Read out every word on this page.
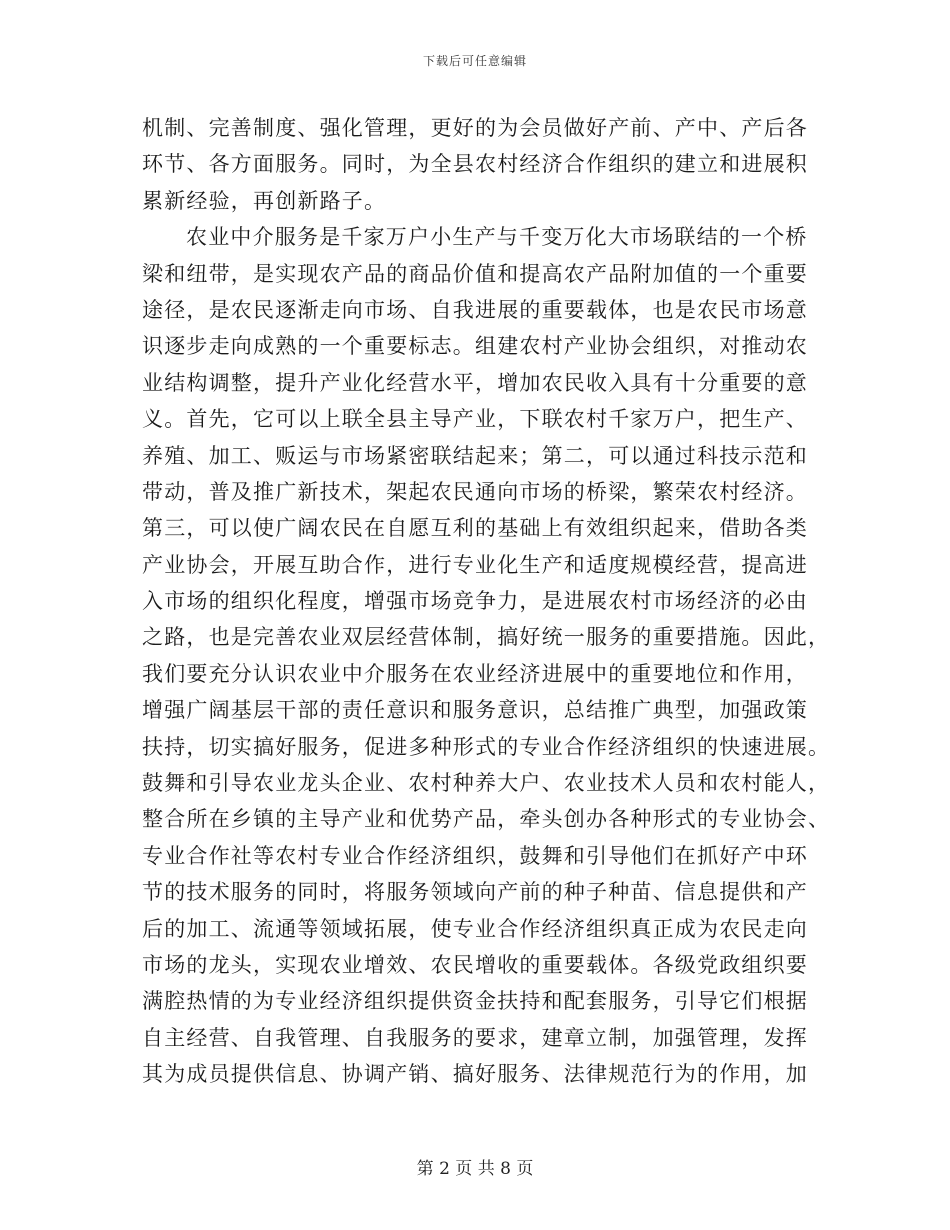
下载后可任意编辑
机制、完善制度、强化管理，更好的为会员做好产前、产中、产后各
环节、各方面服务。同时，为全县农村经济合作组织的建立和进展积
累新经验，再创新路子。
农业中介服务是千家万户小生产与千变万化大市场联结的一个桥
梁和纽带，是实现农产品的商品价值和提高农产品附加值的一个重要
途径，是农民逐渐走向市场、自我进展的重要载体，也是农民市场意
识逐步走向成熟的一个重要标志。组建农村产业协会组织，对推动农
业结构调整，提升产业化经营水平，增加农民收入具有十分重要的意
义。首先，它可以上联全县主导产业，下联农村千家万户，把生产、
养殖、加工、贩运与市场紧密联结起来；第二，可以通过科技示范和
带动，普及推广新技术，架起农民通向市场的桥梁，繁荣农村经济。
第三，可以使广阔农民在自愿互利的基础上有效组织起来，借助各类
产业协会，开展互助合作，进行专业化生产和适度规模经营，提高进
入市场的组织化程度，增强市场竞争力，是进展农村市场经济的必由
之路，也是完善农业双层经营体制，搞好统一服务的重要措施。因此，
我们要充分认识农业中介服务在农业经济进展中的重要地位和作用，
增强广阔基层干部的责任意识和服务意识，总结推广典型，加强政策
扶持，切实搞好服务，促进多种形式的专业合作经济组织的快速进展。
鼓舞和引导农业龙头企业、农村种养大户、农业技术人员和农村能人，
整合所在乡镇的主导产业和优势产品，牵头创办各种形式的专业协会、
专业合作社等农村专业合作经济组织，鼓舞和引导他们在抓好产中环
节的技术服务的同时，将服务领域向产前的种子种苗、信息提供和产
后的加工、流通等领域拓展，使专业合作经济组织真正成为农民走向
市场的龙头，实现农业增效、农民增收的重要载体。各级党政组织要
满腔热情的为专业经济组织提供资金扶持和配套服务，引导它们根据
自主经营、自我管理、自我服务的要求，建章立制，加强管理，发挥
其为成员提供信息、协调产销、搞好服务、法律规范行为的作用，加
第 2 页 共 8 页
